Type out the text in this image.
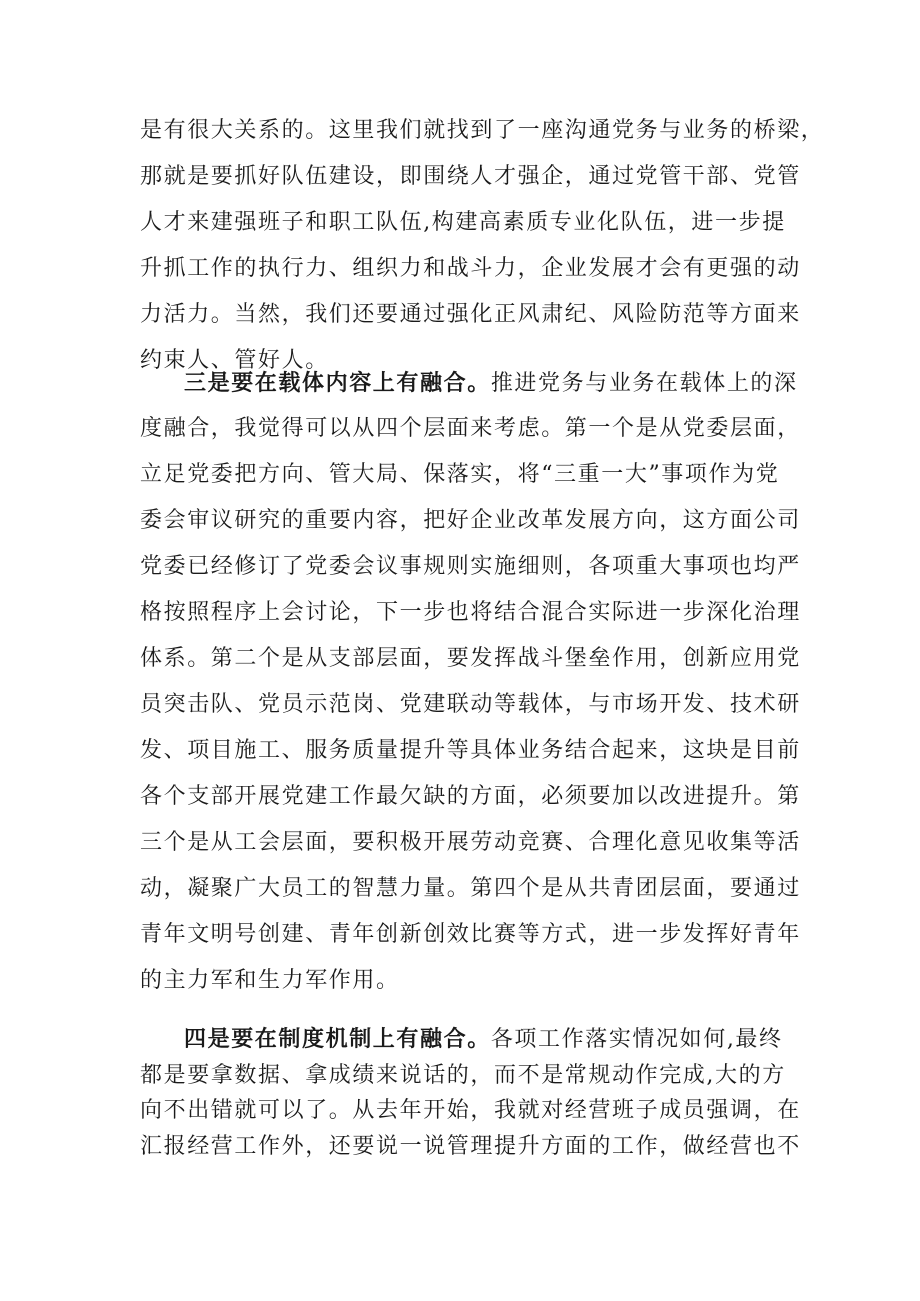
是有很大关系的。这里我们就找到了一座沟通党务与业务的桥梁，
那就是要抓好队伍建设，即围绕人才强企，通过党管干部、党管
人才来建强班子和职工队伍,构建高素质专业化队伍，进一步提
升抓工作的执行力、组织力和战斗力，企业发展才会有更强的动
力活力。当然，我们还要通过强化正风肃纪、风险防范等方面来
约束人、管好人。
三是要在载体内容上有融合。推进党务与业务在载体上的深
度融合，我觉得可以从四个层面来考虑。第一个是从党委层面，
立足党委把方向、管大局、保落实，将“三重一大”事项作为党
委会审议研究的重要内容，把好企业改革发展方向，这方面公司
党委已经修订了党委会议事规则实施细则，各项重大事项也均严
格按照程序上会讨论，下一步也将结合混合实际进一步深化治理
体系。第二个是从支部层面，要发挥战斗堡垒作用，创新应用党
员突击队、党员示范岗、党建联动等载体，与市场开发、技术研
发、项目施工、服务质量提升等具体业务结合起来，这块是目前
各个支部开展党建工作最欠缺的方面，必须要加以改进提升。第
三个是从工会层面，要积极开展劳动竞赛、合理化意见收集等活
动，凝聚广大员工的智慧力量。第四个是从共青团层面，要通过
青年文明号创建、青年创新创效比赛等方式，进一步发挥好青年
的主力军和生力军作用。
四是要在制度机制上有融合。各项工作落实情况如何,最终
都是要拿数据、拿成绩来说话的，而不是常规动作完成,大的方
向不出错就可以了。从去年开始，我就对经营班子成员强调，在
汇报经营工作外，还要说一说管理提升方面的工作，做经营也不
